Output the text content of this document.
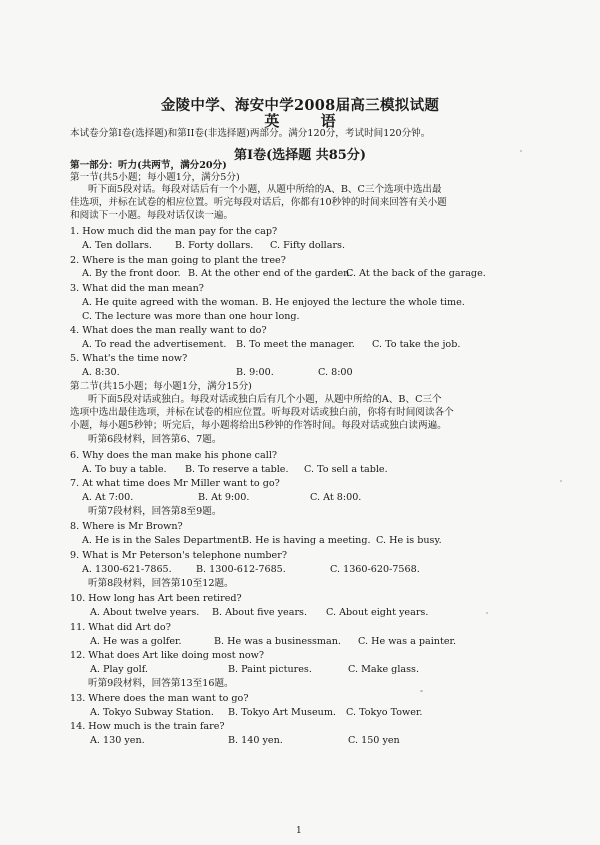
金陵中学、海安中学2008届高三模拟试题
英 语
本试卷分第I卷(选择题)和第II卷(非选择题)两部分。满分120分，考试时间120分钟。
第I卷(选择题 共85分)
第一部分：听力(共两节，满分20分)
第一节(共5小题；每小题1分，满分5分)
听下面5段对话。每段对话后有一个小题，从题中所给的A、B、C三个选项中选出最
佳选项，并标在试卷的相应位置。听完每段对话后，你都有10秒钟的时间来回答有关小题
和阅读下一小题。每段对话仅读一遍。
1. How much did the man pay for the cap?
A. Ten dollars. B. Forty dollars. C. Fifty dollars.
2. Where is the man going to plant the tree?
A. By the front door. B. At the other end of the garden.
C. At the back of the garage.
3. What did the man mean?
A. He quite agreed with the woman. B. He enjoyed the lecture the whole time.
C. The lecture was more than one hour long.
4. What does the man really want to do?
A. To read the advertisement. B. To meet the manager. C. To take the job.
5. What's the time now?
A. 8:30.	B. 9:00.	C. 8:00
第二节(共15小题；每小题1分，满分15分)
听下面5段对话或独白。每段对话或独白后有几个小题，从题中所给的A、B、C三个
选项中选出最佳选项，并标在试卷的相应位置。听每段对话或独白前，你将有时间阅读各个
小题，每小题5秒钟；听完后，每小题将给出5秒钟的作答时间。每段对话或独白读两遍。
听第6段材料，回答第6、7题。
6. Why does the man make his phone call?
A. To buy a table. B. To reserve a table. C. To sell a table.
7. At what time does Mr Miller want to go?
A. At 7:00.	B. At 9:00.	C. At 8:00.
听第7段材料，回答第8至9题。
8. Where is Mr Brown?
A. He is in the Sales Department.
B. He is having a meeting. C. He is busy.
9. What is Mr Peterson's telephone number?
A. 1300-621-7865.	B. 1300-612-7685.	C. 1360-620-7568.
听第8段材料，回答第10至12题。
10. How long has Art been retired?
A. About twelve years. B. About five years. C. About eight years.
11. What did Art do?
A. He was a golfer.	B. He was a businessman. C. He was a painter.
12. What does Art like doing most now?
A. Play golf.	B. Paint pictures.	C. Make glass.
听第9段材料，回答第13至16题。
13. Where does the man want to go?
A. Tokyo Subway Station. B. Tokyo Art Museum. C. Tokyo Tower.
14. How much is the train fare?
A. 130 yen.	B. 140 yen.	C. 150 yen
1
